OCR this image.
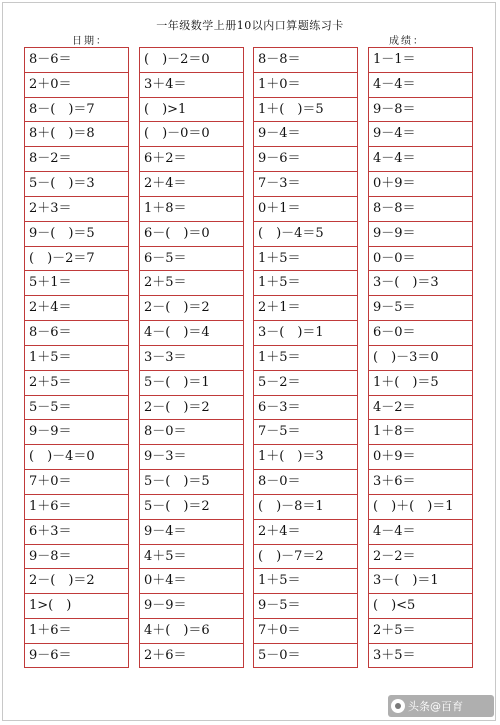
一年级数学上册10以内口算题练习卡
日期：	成绩：
8－6＝
2＋0＝
8－(　)＝7
8＋(　)＝8
8－2＝
5－(　)＝3
2＋3＝
9－(　)＝5
(　)－2＝7
5＋1＝
2＋4＝
8－6＝
1＋5＝
2＋5＝
5－5＝
9－9＝
(　)－4＝0
7＋0＝
1＋6＝
6＋3＝
9－8＝
2－(　)＝2
1>(　)
1＋6＝
9－6＝
(　)－2＝0
3＋4＝
(　)>1
(　)－0＝0
6＋2＝
2＋4＝
1＋8＝
6－(　)＝0
6－5＝
2＋5＝
2－(　)＝2
4－(　)＝4
3－3＝
5－(　)＝1
2－(　)＝2
8－0＝
9－3＝
5－(　)＝5
5－(　)＝2
9－4＝
4＋5＝
0＋4＝
9－9＝
4＋(　)＝6
2＋6＝
8－8＝
1＋0＝
1＋(　)＝5
9－4＝
9－6＝
7－3＝
0＋1＝
(　)－4＝5
1＋5＝
1＋5＝
2＋1＝
3－(　)＝1
1＋5＝
5－2＝
6－3＝
7－5＝
1＋(　)＝3
8－0＝
(　)－8＝1
2＋4＝
(　)－7＝2
1＋5＝
9－5＝
7＋0＝
5－0＝
1－1＝
4－4＝
9－8＝
9－4＝
4－4＝
0＋9＝
8－8＝
9－9＝
0－0＝
3－(　)＝3
9－5＝
6－0＝
(　)－3＝0
1＋(　)＝5
4－2＝
1＋8＝
0＋9＝
3＋6＝
(　)＋(　)＝1
4－4＝
2－2＝
3－(　)＝1
(　)<5
2＋5＝
3＋5＝
头条@百育
